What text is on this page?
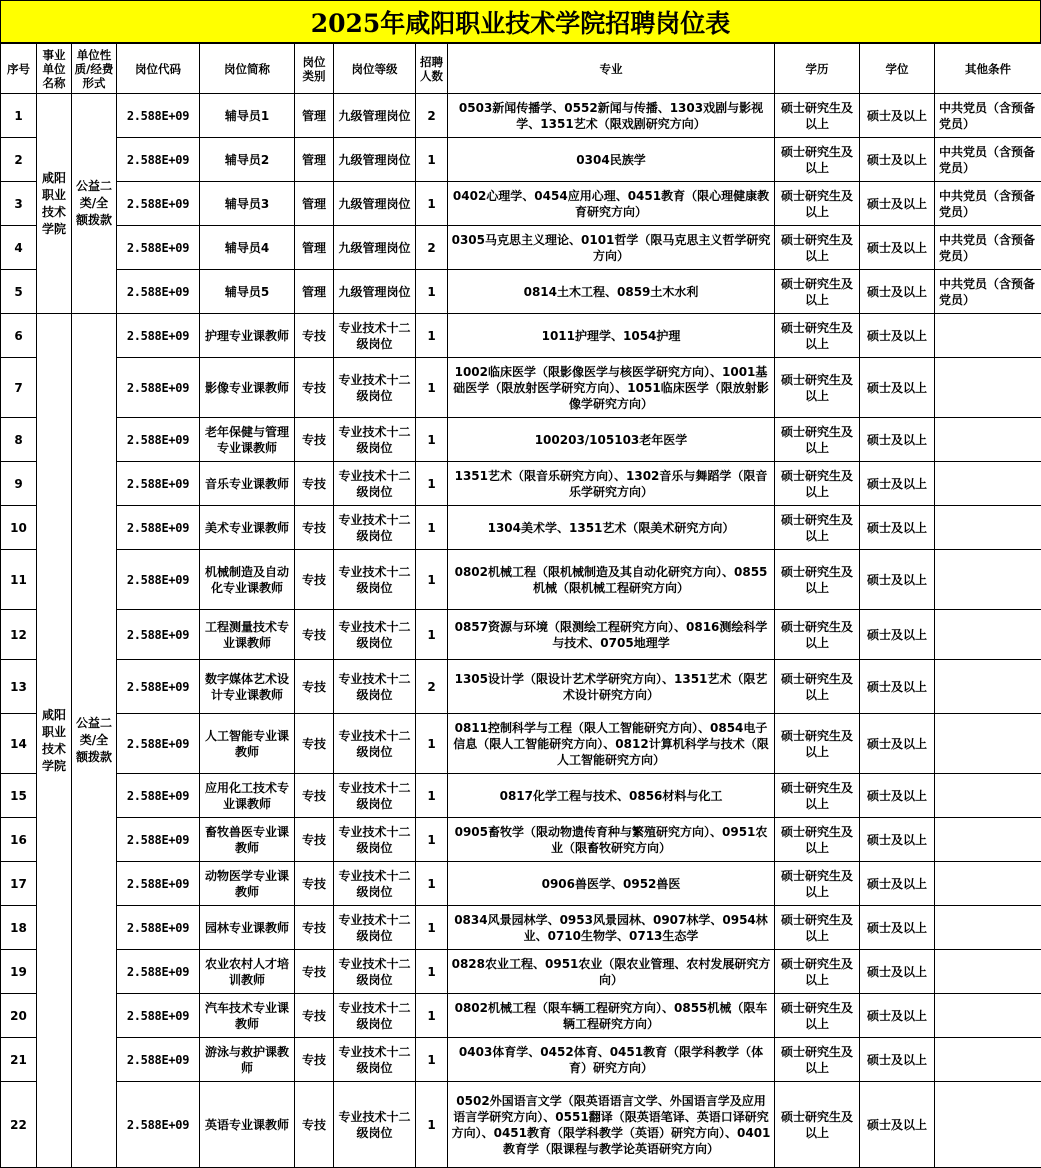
2025年咸阳职业技术学院招聘岗位表
序号	事业单位名称	单位性质/经费形式	岗位代码	岗位简称	岗位类别	岗位等级	招聘人数	专业	学历	学位	其他条件
1	咸阳职业技术学院	公益二类/全额拨款	2.588E+09	辅导员1	管理	九级管理岗位	2	0503新闻传播学、0552新闻与传播、1303戏剧与影视学、1351艺术（限戏剧研究方向）	硕士研究生及以上	硕士及以上	中共党员（含预备党员）
2			2.588E+09	辅导员2	管理	九级管理岗位	1	0304民族学	硕士研究生及以上	硕士及以上	中共党员（含预备党员）
3			2.588E+09	辅导员3	管理	九级管理岗位	1	0402心理学、0454应用心理、0451教育（限心理健康教育研究方向）	硕士研究生及以上	硕士及以上	中共党员（含预备党员）
4			2.588E+09	辅导员4	管理	九级管理岗位	2	0305马克思主义理论、0101哲学（限马克思主义哲学研究方向）	硕士研究生及以上	硕士及以上	中共党员（含预备党员）
5			2.588E+09	辅导员5	管理	九级管理岗位	1	0814土木工程、0859土木水利	硕士研究生及以上	硕士及以上	中共党员（含预备党员）
6	咸阳职业技术学院	公益二类/全额拨款	2.588E+09	护理专业课教师	专技	专业技术十二级岗位	1	1011护理学、1054护理	硕士研究生及以上	硕士及以上	
7			2.588E+09	影像专业课教师	专技	专业技术十二级岗位	1	1002临床医学（限影像医学与核医学研究方向）、1001基础医学（限放射医学研究方向）、1051临床医学（限放射影像学研究方向）	硕士研究生及以上	硕士及以上	
8			2.588E+09	老年保健与管理专业课教师	专技	专业技术十二级岗位	1	100203/105103老年医学	硕士研究生及以上	硕士及以上	
9			2.588E+09	音乐专业课教师	专技	专业技术十二级岗位	1	1351艺术（限音乐研究方向）、1302音乐与舞蹈学（限音乐学研究方向）	硕士研究生及以上	硕士及以上	
10			2.588E+09	美术专业课教师	专技	专业技术十二级岗位	1	1304美术学、1351艺术（限美术研究方向）	硕士研究生及以上	硕士及以上	
11			2.588E+09	机械制造及自动化专业课教师	专技	专业技术十二级岗位	1	0802机械工程（限机械制造及其自动化研究方向）、0855机械（限机械工程研究方向）	硕士研究生及以上	硕士及以上	
12			2.588E+09	工程测量技术专业课教师	专技	专业技术十二级岗位	1	0857资源与环境（限测绘工程研究方向）、0816测绘科学与技术、0705地理学	硕士研究生及以上	硕士及以上	
13			2.588E+09	数字媒体艺术设计专业课教师	专技	专业技术十二级岗位	2	1305设计学（限设计艺术学研究方向）、1351艺术（限艺术设计研究方向）	硕士研究生及以上	硕士及以上	
14			2.588E+09	人工智能专业课教师	专技	专业技术十二级岗位	1	0811控制科学与工程（限人工智能研究方向）、0854电子信息（限人工智能研究方向）、0812计算机科学与技术（限人工智能研究方向）	硕士研究生及以上	硕士及以上	
15			2.588E+09	应用化工技术专业课教师	专技	专业技术十二级岗位	1	0817化学工程与技术、0856材料与化工	硕士研究生及以上	硕士及以上	
16			2.588E+09	畜牧兽医专业课教师	专技	专业技术十二级岗位	1	0905畜牧学（限动物遗传育种与繁殖研究方向）、0951农业（限畜牧研究方向）	硕士研究生及以上	硕士及以上	
17			2.588E+09	动物医学专业课教师	专技	专业技术十二级岗位	1	0906兽医学、0952兽医	硕士研究生及以上	硕士及以上	
18			2.588E+09	园林专业课教师	专技	专业技术十二级岗位	1	0834风景园林学、0953风景园林、0907林学、0954林业、0710生物学、0713生态学	硕士研究生及以上	硕士及以上	
19			2.588E+09	农业农村人才培训教师	专技	专业技术十二级岗位	1	0828农业工程、0951农业（限农业管理、农村发展研究方向）	硕士研究生及以上	硕士及以上	
20			2.588E+09	汽车技术专业课教师	专技	专业技术十二级岗位	1	0802机械工程（限车辆工程研究方向）、0855机械（限车辆工程研究方向）	硕士研究生及以上	硕士及以上	
21			2.588E+09	游泳与救护课教师	专技	专业技术十二级岗位	1	0403体育学、0452体育、0451教育（限学科教学（体育）研究方向）	硕士研究生及以上	硕士及以上	
22			2.588E+09	英语专业课教师	专技	专业技术十二级岗位	1	0502外国语言文学（限英语语言文学、外国语言学及应用语言学研究方向）、0551翻译（限英语笔译、英语口译研究方向）、0451教育（限学科教学（英语）研究方向）、0401教育学（限课程与教学论英语研究方向）	硕士研究生及以上	硕士及以上	
